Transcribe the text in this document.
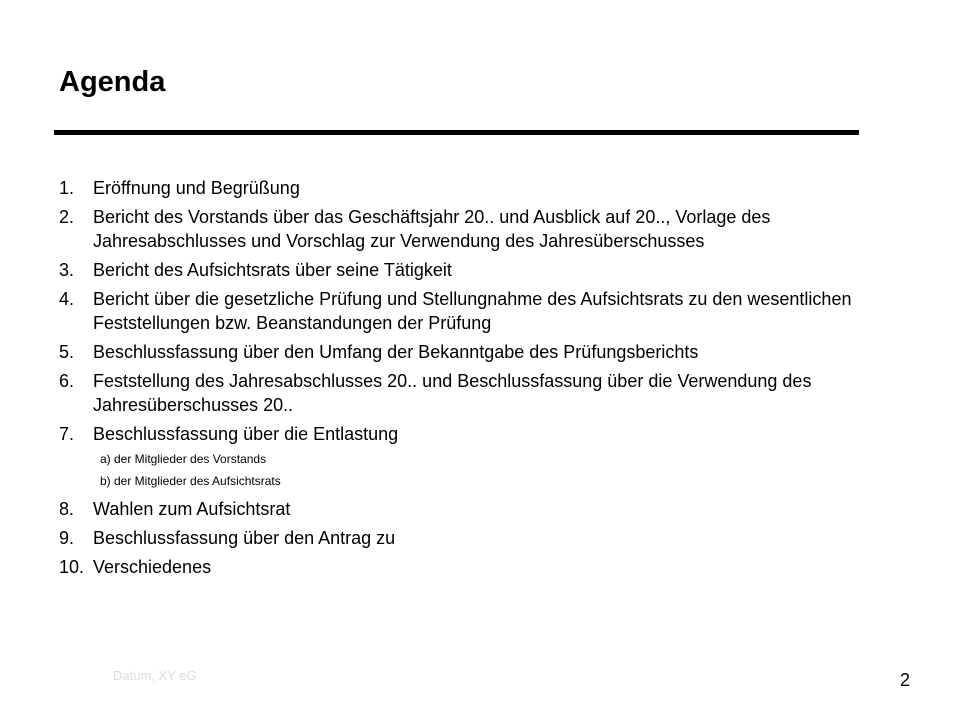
Agenda
1. Eröffnung und Begrüßung
2. Bericht des Vorstands über das Geschäftsjahr 20.. und Ausblick auf 20.., Vorlage des Jahresabschlusses und Vorschlag zur Verwendung des Jahresüberschusses
3. Bericht des Aufsichtsrats über seine Tätigkeit
4. Bericht über die gesetzliche Prüfung und Stellungnahme des Aufsichtsrats zu den wesentlichen Feststellungen bzw. Beanstandungen der Prüfung
5. Beschlussfassung über den Umfang der Bekanntgabe des Prüfungsberichts
6. Feststellung des Jahresabschlusses 20.. und Beschlussfassung über die Verwendung des Jahresüberschusses 20..
7. Beschlussfassung über die Entlastung
a) der Mitglieder des Vorstands
b) der Mitglieder des Aufsichtsrats
8. Wahlen zum Aufsichtsrat
9. Beschlussfassung über den Antrag zu
10. Verschiedenes
Datum, XY eG	2
